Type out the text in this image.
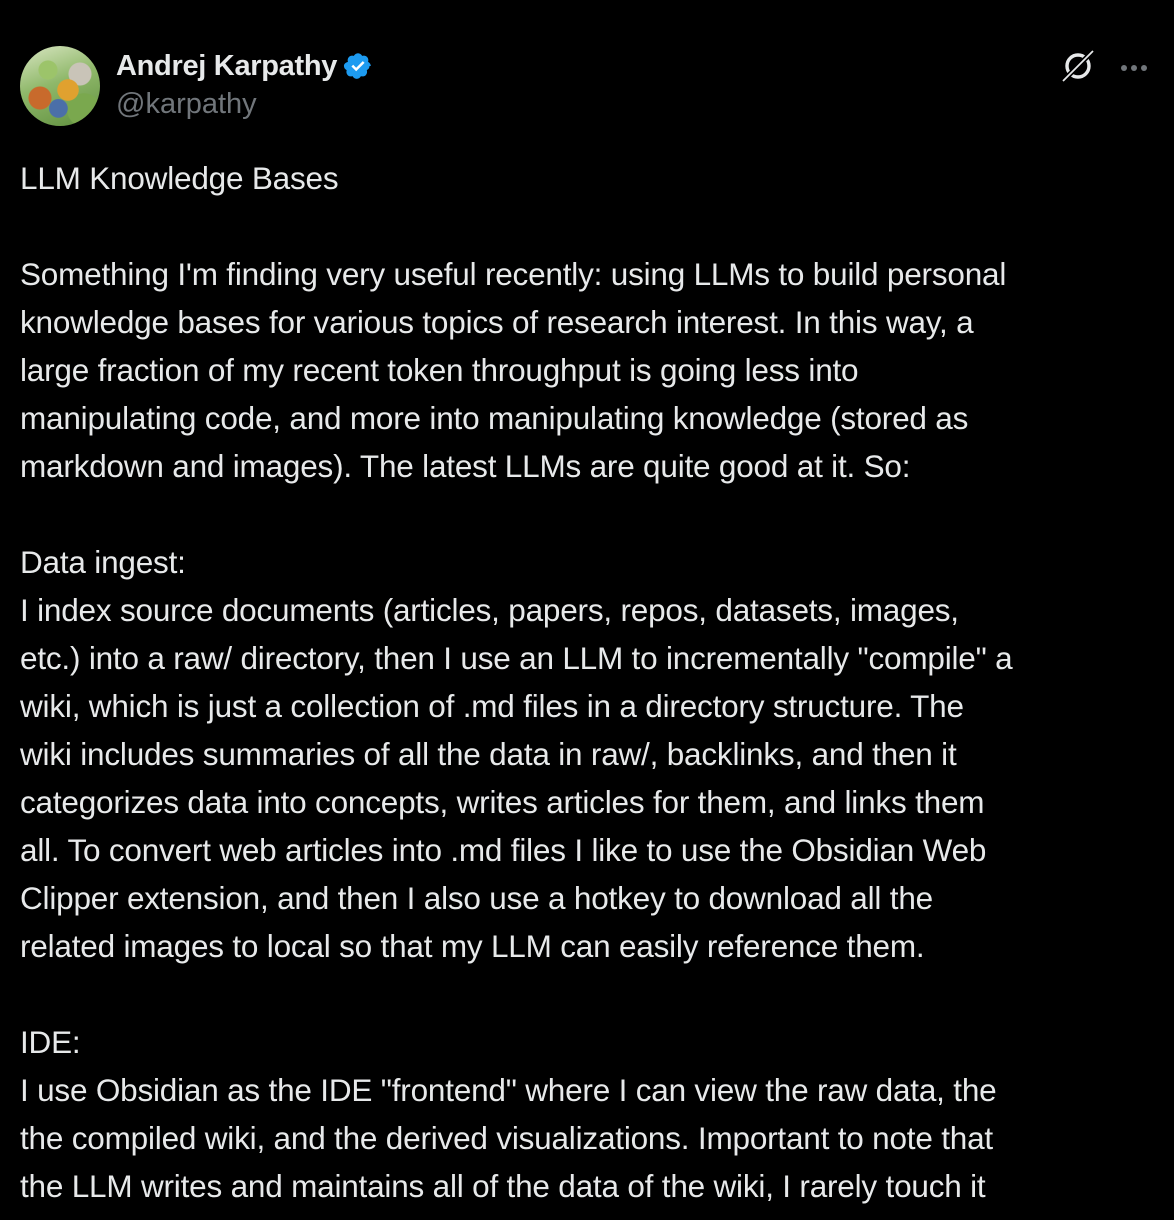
Andrej Karpathy
@karpathy
LLM Knowledge Bases
Something I'm finding very useful recently: using LLMs to build personal
knowledge bases for various topics of research interest. In this way, a
large fraction of my recent token throughput is going less into
manipulating code, and more into manipulating knowledge (stored as
markdown and images). The latest LLMs are quite good at it. So:
Data ingest:
I index source documents (articles, papers, repos, datasets, images,
etc.) into a raw/ directory, then I use an LLM to incrementally "compile" a
wiki, which is just a collection of .md files in a directory structure. The
wiki includes summaries of all the data in raw/, backlinks, and then it
categorizes data into concepts, writes articles for them, and links them
all. To convert web articles into .md files I like to use the Obsidian Web
Clipper extension, and then I also use a hotkey to download all the
related images to local so that my LLM can easily reference them.
IDE:
I use Obsidian as the IDE "frontend" where I can view the raw data, the
the compiled wiki, and the derived visualizations. Important to note that
the LLM writes and maintains all of the data of the wiki, I rarely touch it
